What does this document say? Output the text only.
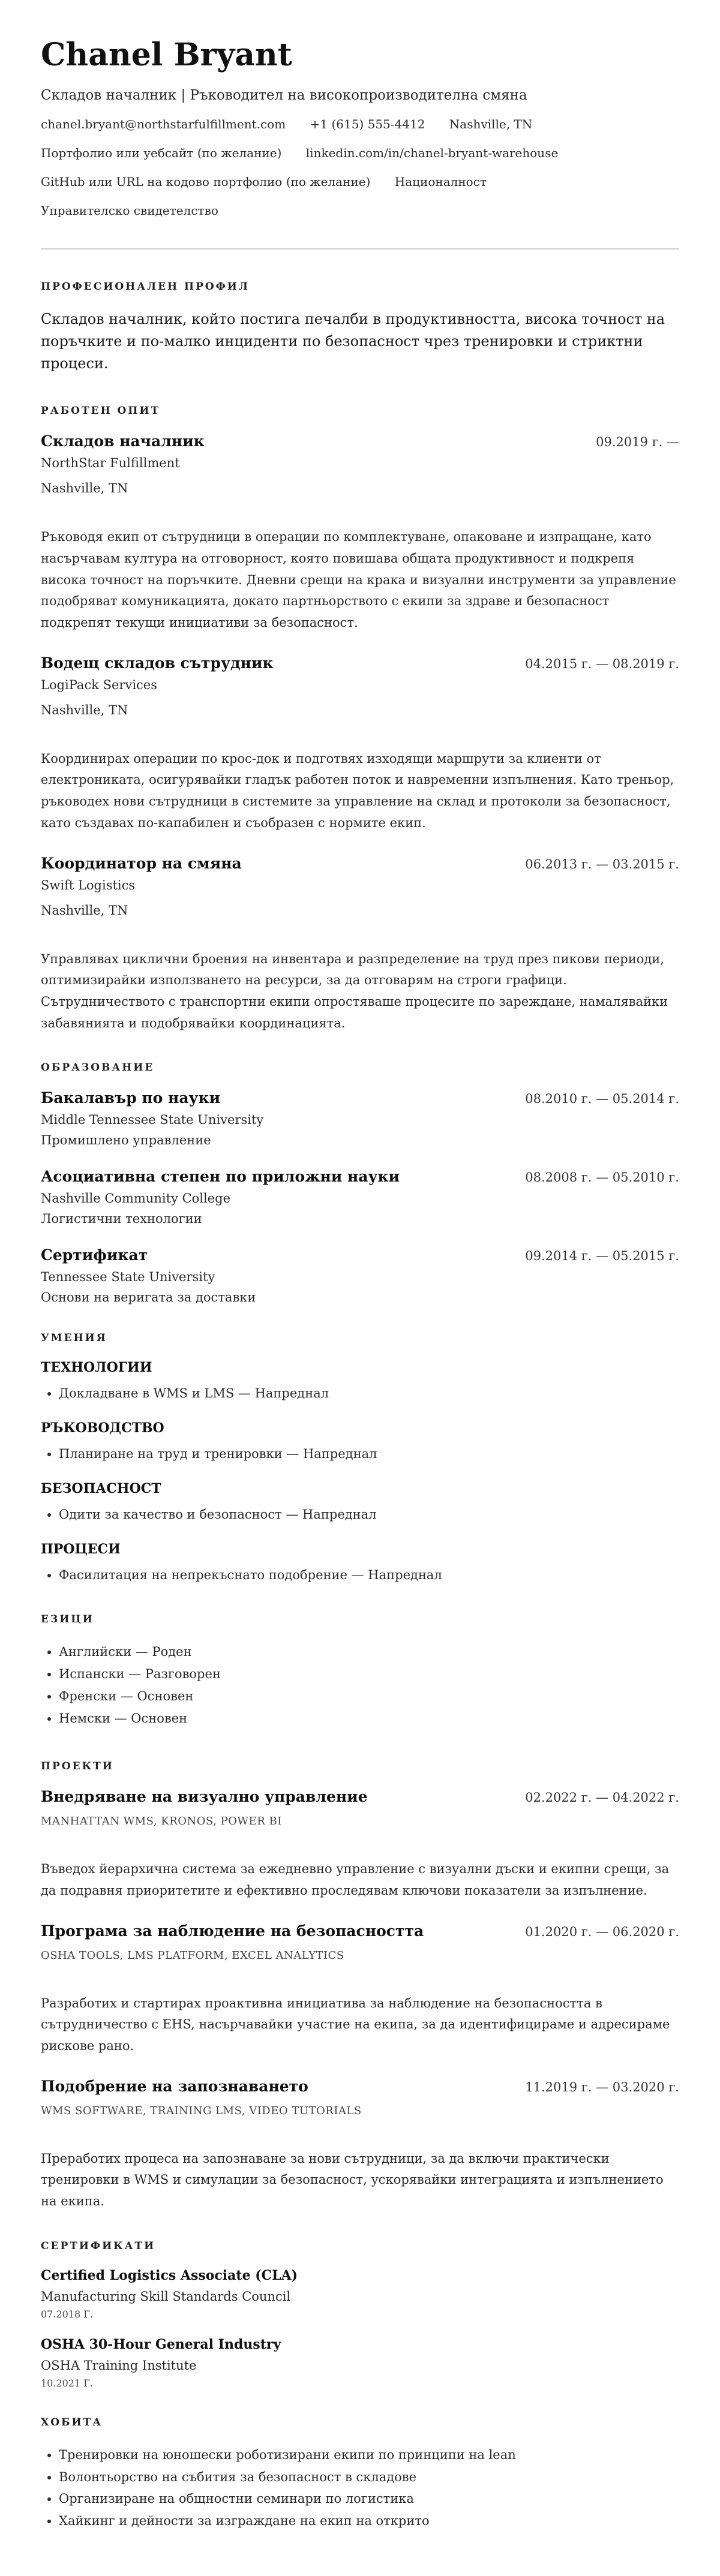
Chanel Bryant
Складов началник | Ръководител на високопроизводителна смяна
chanel.bryant@northstarfulfillment.com +1 (615) 555-4412 Nashville, TN
Портфолио или уебсайт (по желание) linkedin.com/in/chanel-bryant-warehouse
GitHub или URL на кодово портфолио (по желание) Националност
Управителско свидетелство
ПРОФЕСИОНАЛЕН ПРОФИЛ

Складов началник, който постига печалби в продуктивността, висока точност на поръчките и по-малко инциденти по безопасност чрез тренировки и стриктни процеси.

РАБОТЕН ОПИТ
Складов началник	09.2019 г. —
NorthStar Fulfillment
Nashville, TN
Ръководя екип от сътрудници в операции по комплектуване, опаковане и изпращане, като насърчавам култура на отговорност, която повишава общата продуктивност и подкрепя висока точност на поръчките. Дневни срещи на крака и визуални инструменти за управление подобряват комуникацията, докато партньорството с екипи за здраве и безопасност подкрепят текущи инициативи за безопасност.
Водещ складов сътрудник	04.2015 г. — 08.2019 г.
LogiPack Services
Nashville, TN
Координирах операции по крос-док и подготвях изходящи маршрути за клиенти от електрониката, осигурявайки гладък работен поток и навременни изпълнения. Като треньор, ръководех нови сътрудници в системите за управление на склад и протоколи за безопасност, като създавах по-капабилен и съобразен с нормите екип.
Координатор на смяна	06.2013 г. — 03.2015 г.
Swift Logistics
Nashville, TN
Управлявах циклични броения на инвентара и разпределение на труд през пикови периоди, оптимизирайки използването на ресурси, за да отговарям на строги графици. Сътрудничеството с транспортни екипи опростяваше процесите по зареждане, намалявайки забавянията и подобрявайки координацията.
ОБРАЗОВАНИЕ
Бакалавър по науки	08.2010 г. — 05.2014 г.
Middle Tennessee State University
Промишлено управление
Асоциативна степен по приложни науки	08.2008 г. — 05.2010 г.
Nashville Community College
Логистични технологии
Сертификат	09.2014 г. — 05.2015 г.
Tennessee State University
Основи на веригата за доставки
УМЕНИЯ
ТЕХНОЛОГИИ
• Докладване в WMS и LMS — Напреднал
РЪКОВОДСТВО
• Планиране на труд и тренировки — Напреднал
БЕЗОПАСНОСТ
• Одити за качество и безопасност — Напреднал
ПРОЦЕСИ
• Фасилитация на непрекъснато подобрение — Напреднал
ЕЗИЦИ
• Английски — Роден
• Испански — Разговорен
• Френски — Основен
• Немски — Основен
ПРОЕКТИ
Внедряване на визуално управление	02.2022 г. — 04.2022 г.
MANHATTAN WMS, KRONOS, POWER BI
Въведох йерархична система за ежедневно управление с визуални дъски и екипни срещи, за да подравня приоритетите и ефективно проследявам ключови показатели за изпълнение.
Програма за наблюдение на безопасността	01.2020 г. — 06.2020 г.
OSHA TOOLS, LMS PLATFORM, EXCEL ANALYTICS
Разработих и стартирах проактивна инициатива за наблюдение на безопасността в сътрудничество с EHS, насърчавайки участие на екипа, за да идентифицираме и адресираме рискове рано.
Подобрение на запознаването	11.2019 г. — 03.2020 г.
WMS SOFTWARE, TRAINING LMS, VIDEO TUTORIALS
Преработих процеса на запознаване за нови сътрудници, за да включи практически тренировки в WMS и симулации за безопасност, ускорявайки интеграцията и изпълнението на екипа.
СЕРТИФИКАТИ
Certified Logistics Associate (CLA)
Manufacturing Skill Standards Council
07.2018 Г.
OSHA 30-Hour General Industry
OSHA Training Institute
10.2021 Г.
ХОБИТА
• Тренировки на юношески роботизирани екипи по принципи на lean
• Волонтьорство на събития за безопасност в складове
• Организиране на общностни семинари по логистика
• Хайкинг и дейности за изграждане на екип на открито
